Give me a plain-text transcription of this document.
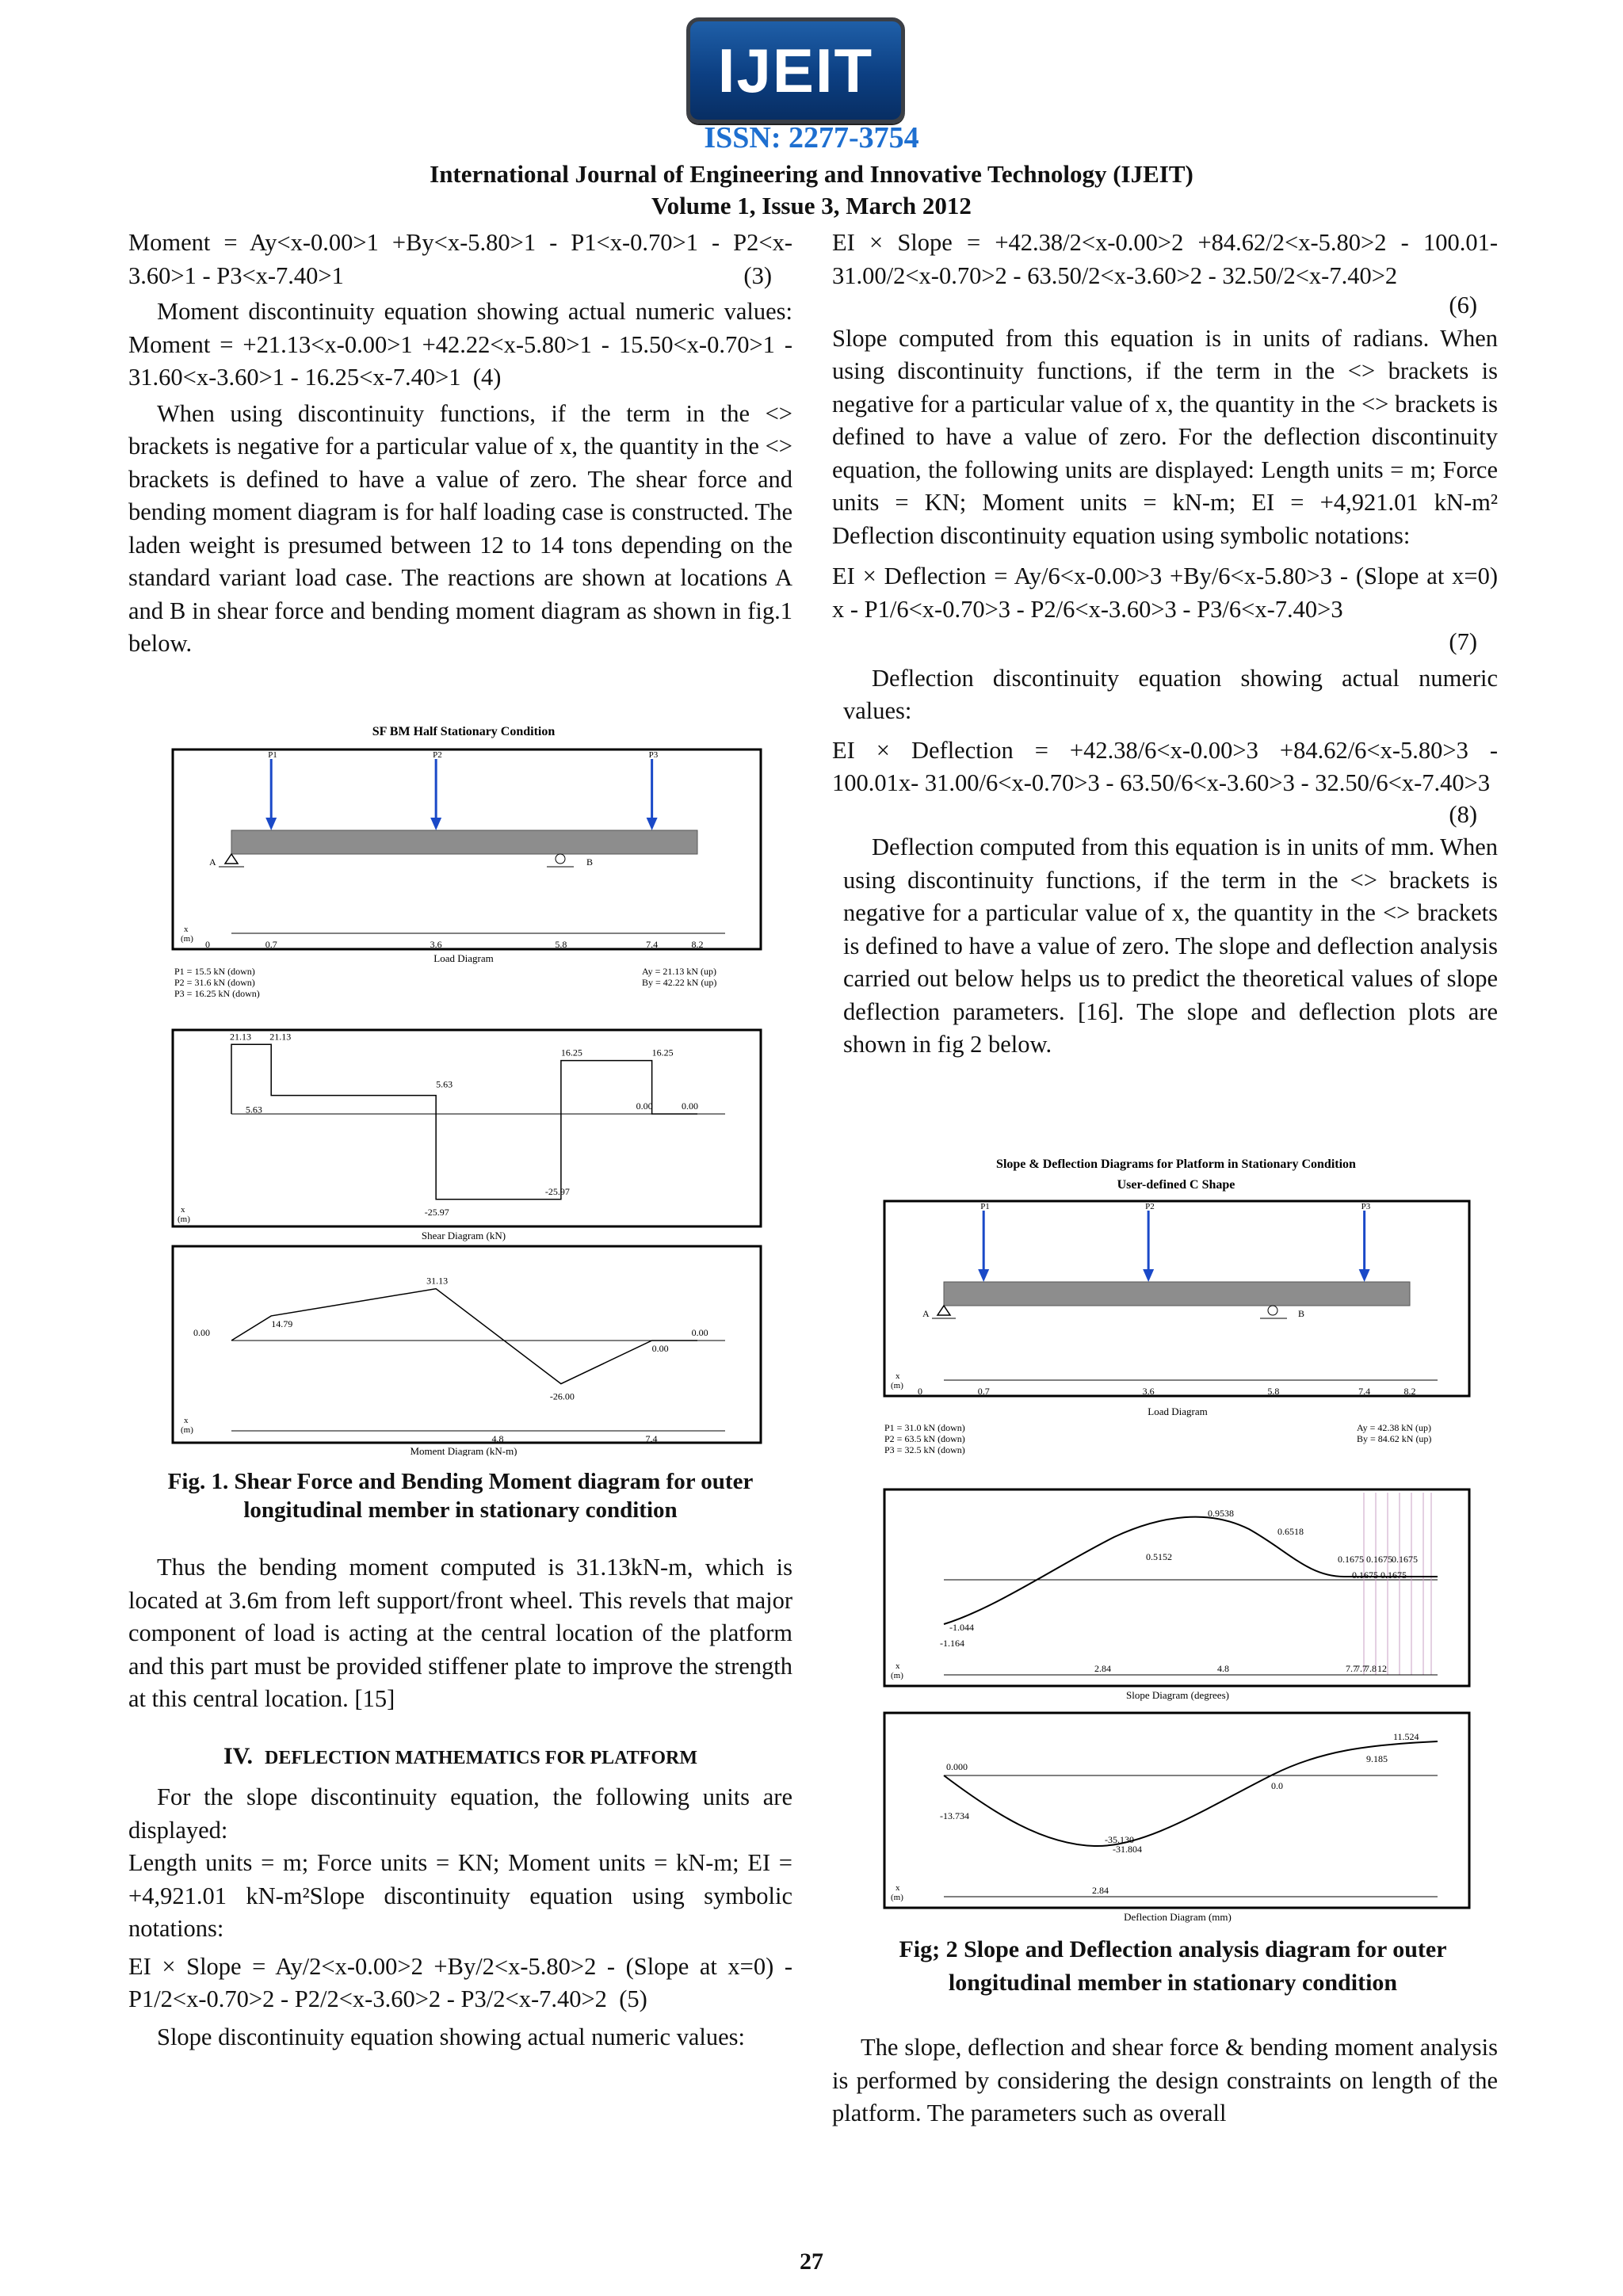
IJEIT
ISSN: 2277-3754
International Journal of Engineering and Innovative Technology (IJEIT)
Volume 1, Issue 3, March 2012

Moment = Ay<x-0.00>1 +By<x-5.80>1 - P1<x-0.70>1 - P2<x-3.60>1 - P3<x-7.40>1	(3)

Moment discontinuity equation showing actual numeric values: Moment = +21.13<x-0.00>1 +42.22<x-5.80>1 - 15.50<x-0.70>1 - 31.60<x-3.60>1 - 16.25<x-7.40>1 (4)

When using discontinuity functions, if the term in the <> brackets is negative for a particular value of x, the quantity in the <> brackets is defined to have a value of zero. The shear force and bending moment diagram is for half loading case is constructed. The laden weight is presumed between 12 to 14 tons depending on the standard variant load case. The reactions are shown at locations A and B in shear force and bending moment diagram as shown in fig.1 below.

SF BM Half Stationary Condition
P1	P2	P3
A	B
0	0.7	3.6	5.8	7.4	8.2
x
(m)
Load Diagram
P1 = 15.5 kN (down)
P2 = 31.6 kN (down)
P3 = 16.25 kN (down)
Ay = 21.13 kN (up)
By = 42.22 kN (up)
x
(m)
21.13 21.13
5.63
5.63
-25.97
-25.97
16.25	16.25
0.00	0.00
Shear Diagram (kN)
0.00
14.79
31.13
-26.00
0.00
0.00
4.8	7.4
x
(m)
Moment Diagram (kN-m)
Fig. 1. Shear Force and Bending Moment diagram for outer
longitudinal member in stationary condition

Thus the bending moment computed is 31.13kN-m, which is located at 3.6m from left support/front wheel. This revels that major component of load is acting at the central location of the platform and this part must be provided stiffener plate to improve the strength at this central location. [15]

IV. DEFLECTION MATHEMATICS FOR PLATFORM

For the slope discontinuity equation, the following units are displayed:

Length units = m; Force units = KN; Moment units = kN-m; EI = +4,921.01 kN-m²Slope discontinuity equation using symbolic notations:

EI × Slope = Ay/2<x-0.00>2 +By/2<x-5.80>2 - (Slope at x=0) - P1/2<x-0.70>2 - P2/2<x-3.60>2 - P3/2<x-7.40>2 (5)

Slope discontinuity equation showing actual numeric values:

EI × Slope = +42.38/2<x-0.00>2 +84.62/2<x-5.80>2 - 100.01- 31.00/2<x-0.70>2 - 63.50/2<x-3.60>2 - 32.50/2<x-7.40>2

(6)

Slope computed from this equation is in units of radians. When using discontinuity functions, if the term in the <> brackets is negative for a particular value of x, the quantity in the <> brackets is defined to have a value of zero. For the deflection discontinuity equation, the following units are displayed: Length units = m; Force units = KN; Moment units = kN-m; EI = +4,921.01 kN-m² Deflection discontinuity equation using symbolic notations:

EI × Deflection = Ay/6<x-0.00>3 +By/6<x-5.80>3 - (Slope at x=0) x - P1/6<x-0.70>3 - P2/6<x-3.60>3 - P3/6<x-7.40>3

(7)

Deflection discontinuity equation showing actual numeric values:

EI × Deflection = +42.38/6<x-0.00>3 +84.62/6<x-5.80>3 - 100.01x- 31.00/6<x-0.70>3 - 63.50/6<x-3.60>3 - 32.50/6<x-7.40>3

(8)

Deflection computed from this equation is in units of mm. When using discontinuity functions, if the term in the <> brackets is negative for a particular value of x, the quantity in the <> brackets is defined to have a value of zero. The slope and deflection analysis carried out below helps us to predict the theoretical values of slope deflection parameters. [16]. The slope and deflection plots are shown in fig 2 below.

Slope & Deflection Diagrams for Platform in Stationary Condition
User-defined C Shape
P1	P2	P3
A	B
0	0.7	3.6	5.8	7.4	8.2
x
(m)
Load Diagram
P1 = 31.0 kN (down)
P2 = 63.5 kN (down)
P3 = 32.5 kN (down)
Ay = 42.38 kN (up)
By = 84.62 kN (up)
0.9538
0.6518
0.5152	0.1675 0.1675 0.1675
0.1675 0.1675
-1.044
-1.164
2.84	4.8	7.7
7.7
7.8 12
x
(m)
Slope Diagram (degrees)
0.000
-13.734
-35.130
-31.804
0.0
9.185
11.524
2.84
x
(m)
Deflection Diagram (mm)
Fig; 2 Slope and Deflection analysis diagram for outer
longitudinal member in stationary condition

The slope, deflection and shear force & bending moment analysis is performed by considering the design constraints on length of the platform. The parameters such as overall

27
